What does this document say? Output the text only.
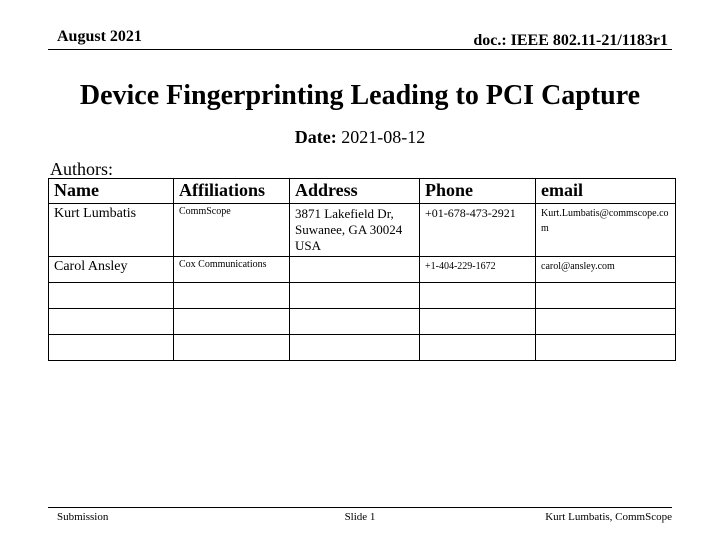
August 2021	doc.: IEEE 802.11-21/1183r1
Device Fingerprinting Leading to PCI Capture
Date: 2021-08-12
Authors:
Name	Affiliations	Address	Phone	email
Kurt Lumbatis	CommScope	3871 Lakefield Dr, Suwanee, GA 30024 USA	+01-678-473-2921	Kurt.Lumbatis@commscope.com
Carol Ansley	Cox Communications		+1-404-229-1672	carol@ansley.com

Submission	Slide 1	Kurt Lumbatis, CommScope
